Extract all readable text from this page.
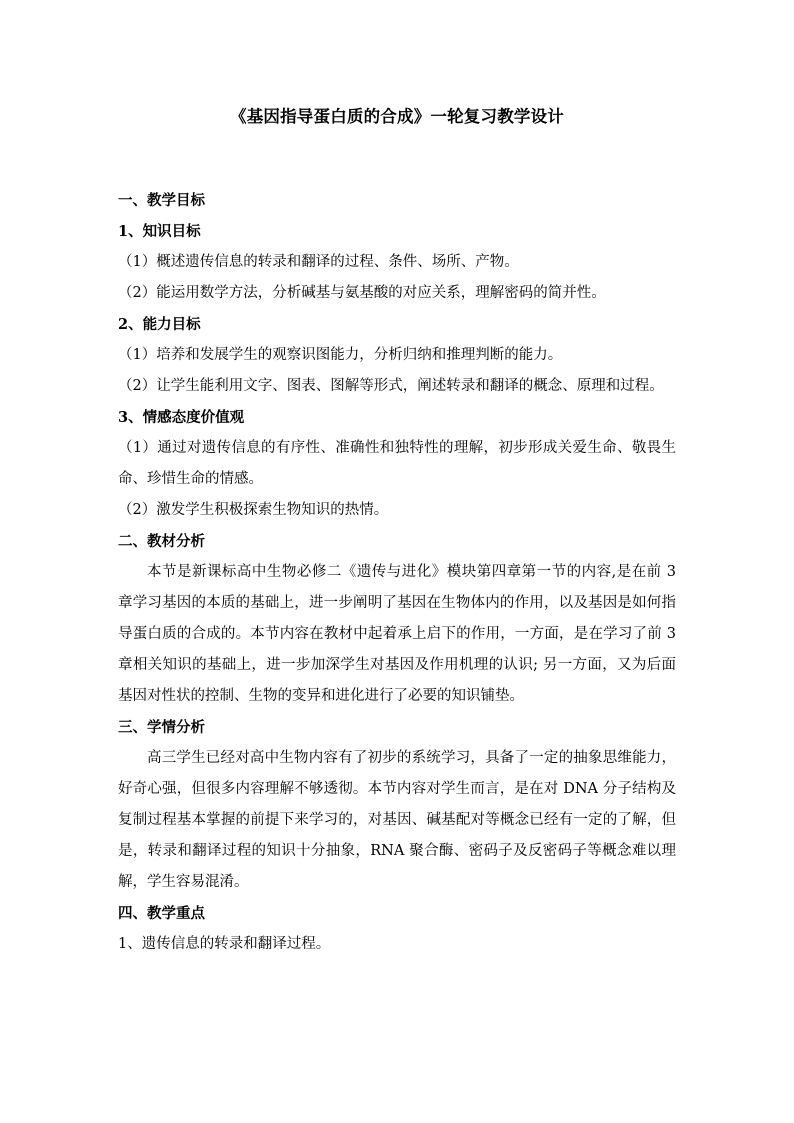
《基因指导蛋白质的合成》一轮复习教学设计
一、教学目标
1、知识目标
（1）概述遗传信息的转录和翻译的过程、条件、场所、产物。
（2）能运用数学方法，分析碱基与氨基酸的对应关系，理解密码的简并性。
2、能力目标
（1）培养和发展学生的观察识图能力，分析归纳和推理判断的能力。
（2）让学生能利用文字、图表、图解等形式，阐述转录和翻译的概念、原理和过程。
3、情感态度价值观
（1）通过对遗传信息的有序性、准确性和独特性的理解，初步形成关爱生命、敬畏生命、珍惜生命的情感。
（2）激发学生积极探索生物知识的热情。
二、教材分析
本节是新课标高中生物必修二《遗传与进化》模块第四章第一节的内容,是在前 3 章学习基因的本质的基础上，进一步阐明了基因在生物体内的作用，以及基因是如何指导蛋白质的合成的。本节内容在教材中起着承上启下的作用，一方面，是在学习了前 3 章相关知识的基础上，进一步加深学生对基因及作用机理的认识; 另一方面，又为后面基因对性状的控制、生物的变异和进化进行了必要的知识铺垫。
三、学情分析
高三学生已经对高中生物内容有了初步的系统学习，具备了一定的抽象思维能力，好奇心强，但很多内容理解不够透彻。本节内容对学生而言，是在对 DNA 分子结构及复制过程基本掌握的前提下来学习的，对基因、碱基配对等概念已经有一定的了解，但是，转录和翻译过程的知识十分抽象，RNA 聚合酶、密码子及反密码子等概念难以理解，学生容易混淆。
四、教学重点
1、遗传信息的转录和翻译过程。
